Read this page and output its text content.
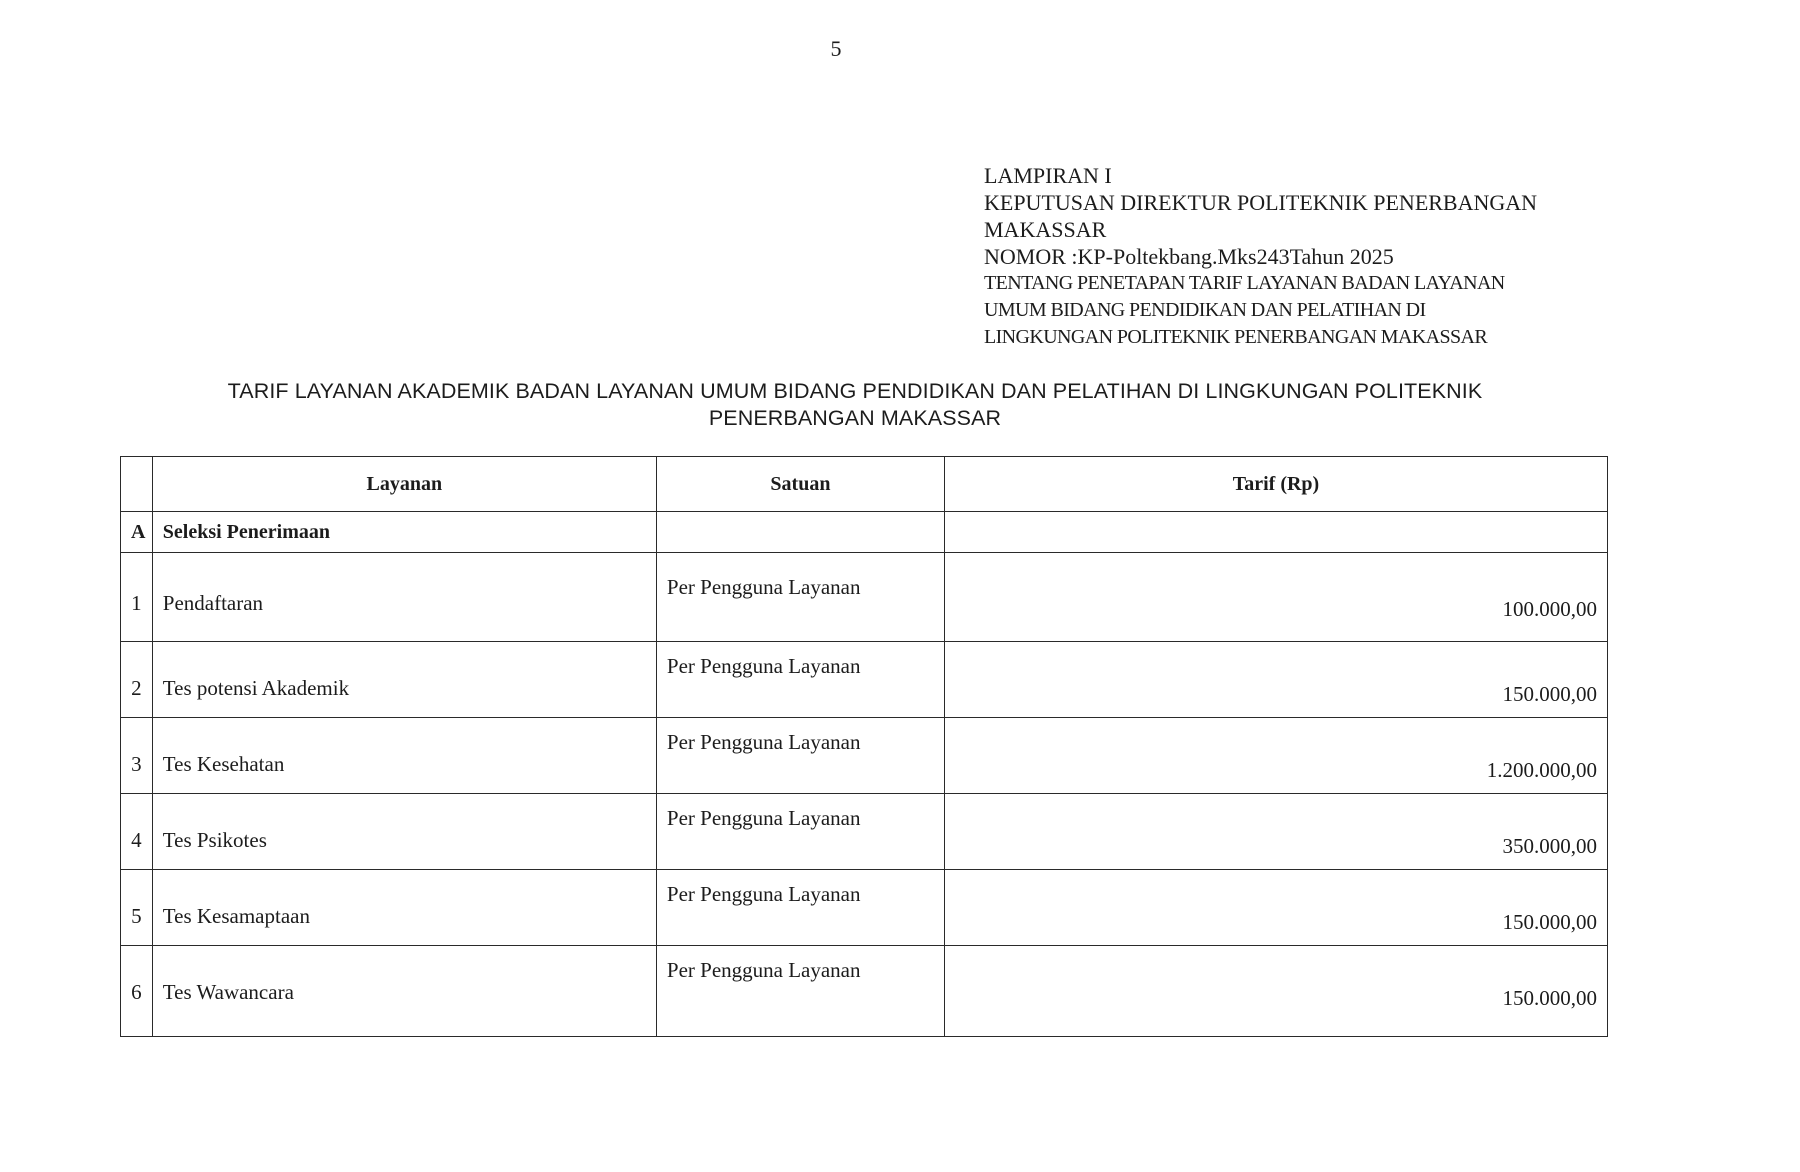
5
LAMPIRAN I
KEPUTUSAN DIREKTUR POLITEKNIK PENERBANGAN
MAKASSAR
NOMOR :KP-Poltekbang.Mks243Tahun 2025
TENTANG PENETAPAN TARIF LAYANAN BADAN LAYANAN
UMUM BIDANG PENDIDIKAN DAN PELATIHAN DI
LINGKUNGAN POLITEKNIK PENERBANGAN MAKASSAR
TARIF LAYANAN AKADEMIK BADAN LAYANAN UMUM BIDANG PENDIDIKAN DAN PELATIHAN DI LINGKUNGAN POLITEKNIK
PENERBANGAN MAKASSAR
	Layanan	Satuan	Tarif (Rp)
A	Seleksi Penerimaan		

1	Pendaftaran	Per Pengguna Layanan	100.000,00

2	Tes potensi Akademik	Per Pengguna Layanan	150.000,00

3	Tes Kesehatan	Per Pengguna Layanan	1.200.000,00

4	Tes Psikotes	Per Pengguna Layanan	350.000,00

5	Tes Kesamaptaan	Per Pengguna Layanan	150.000,00

6	Tes Wawancara	Per Pengguna Layanan	150.000,00
